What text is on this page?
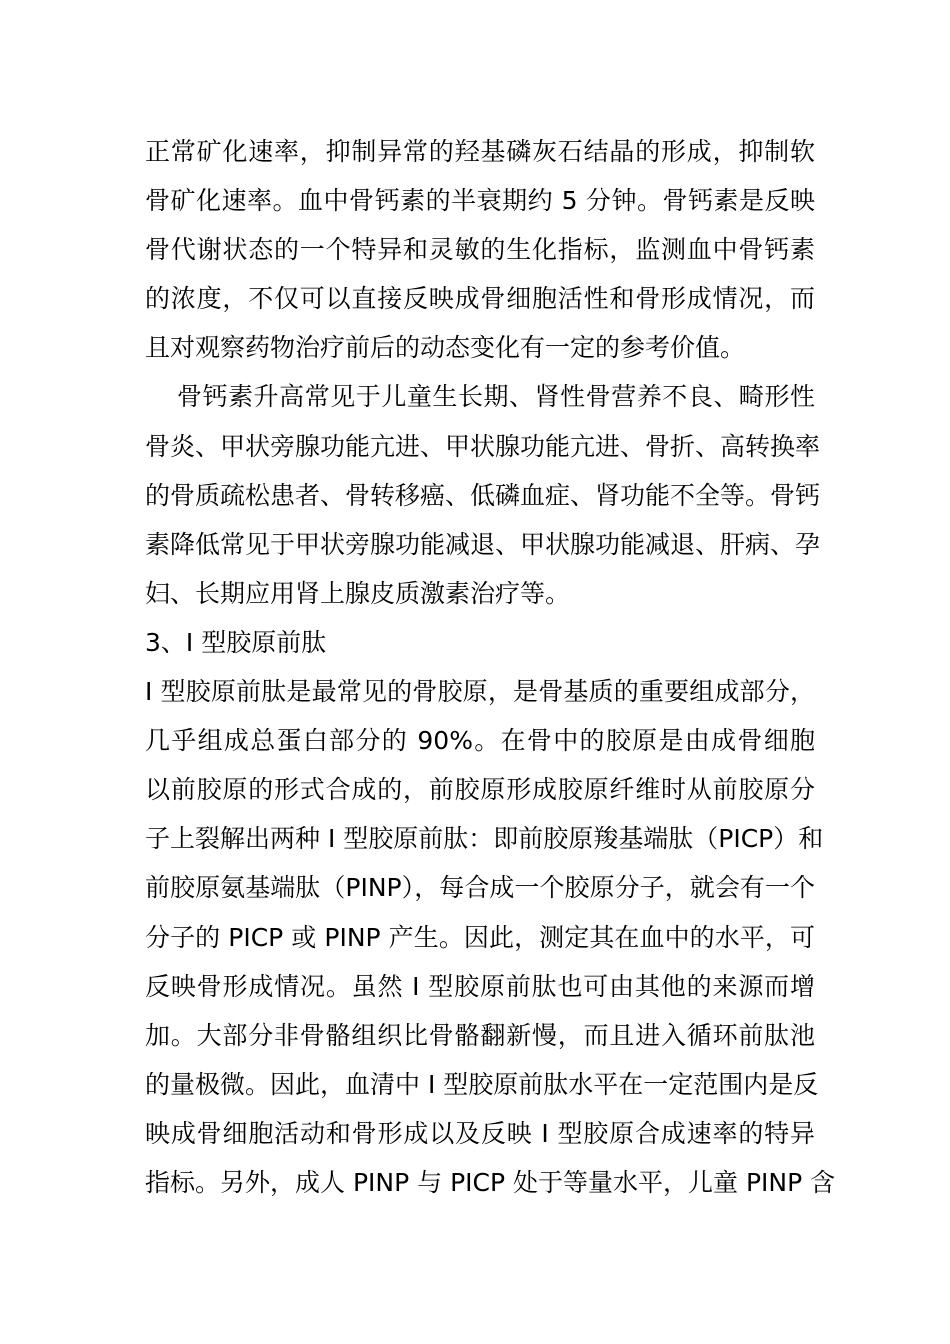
正常矿化速率，抑制异常的羟基磷灰石结晶的形成，抑制软
骨矿化速率。血中骨钙素的半衰期约 5 分钟。骨钙素是反映
骨代谢状态的一个特异和灵敏的生化指标，监测血中骨钙素
的浓度，不仅可以直接反映成骨细胞活性和骨形成情况，而
且对观察药物治疗前后的动态变化有一定的参考价值。
骨钙素升高常见于儿童生长期、肾性骨营养不良、畸形性
骨炎、甲状旁腺功能亢进、甲状腺功能亢进、骨折、高转换率
的骨质疏松患者、骨转移癌、低磷血症、肾功能不全等。骨钙
素降低常见于甲状旁腺功能减退、甲状腺功能减退、肝病、孕
妇、长期应用肾上腺皮质激素治疗等。
3、I 型胶原前肽
I 型胶原前肽是最常见的骨胶原，是骨基质的重要组成部分，
几乎组成总蛋白部分的 90%。在骨中的胶原是由成骨细胞
以前胶原的形式合成的，前胶原形成胶原纤维时从前胶原分
子上裂解出两种 I 型胶原前肽：即前胶原羧基端肽（PICP）和
前胶原氨基端肽（PINP），每合成一个胶原分子，就会有一个
分子的 PICP 或 PINP 产生。因此，测定其在血中的水平，可
反映骨形成情况。虽然 I 型胶原前肽也可由其他的来源而增
加。大部分非骨骼组织比骨骼翻新慢，而且进入循环前肽池
的量极微。因此，血清中 I 型胶原前肽水平在一定范围内是反
映成骨细胞活动和骨形成以及反映 I 型胶原合成速率的特异
指标。另外，成人 PINP 与 PICP 处于等量水平，儿童 PINP 含
